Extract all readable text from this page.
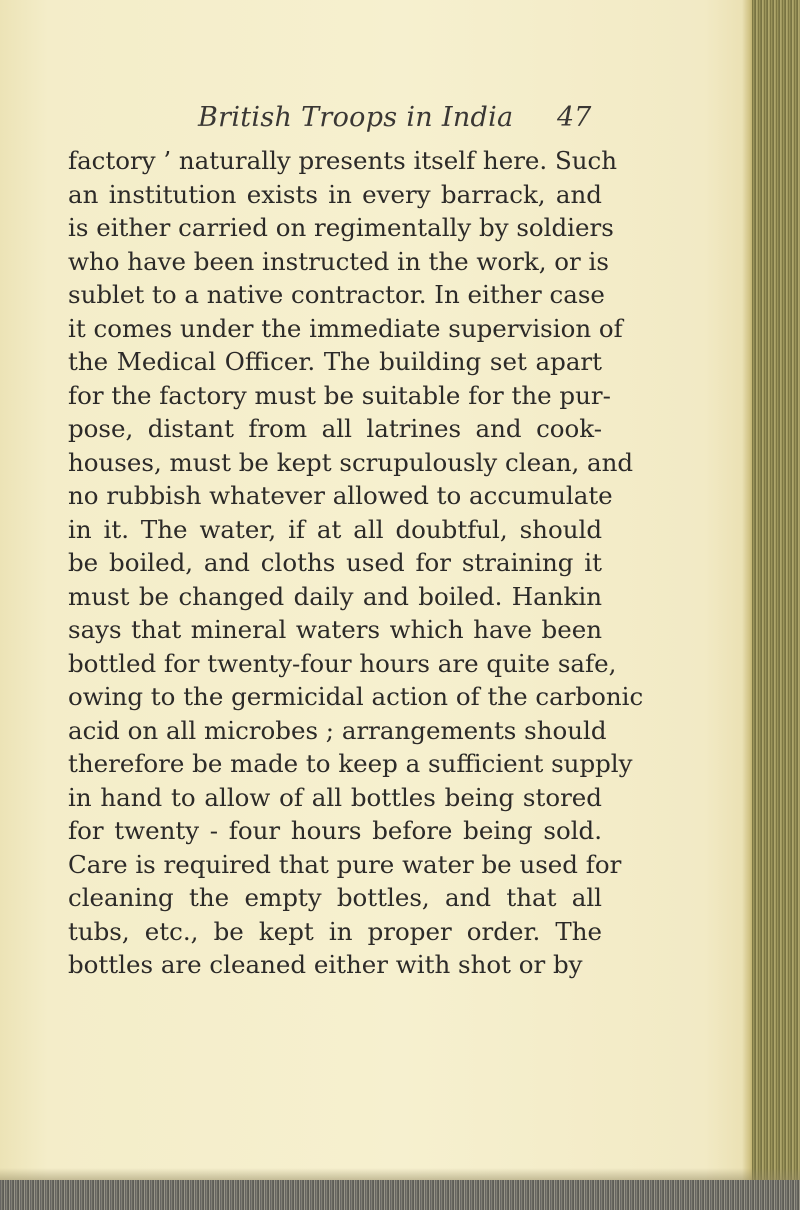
British Troops in India 47
factory ’ naturally presents itself here. Such
an institution exists in every barrack, and
is either carried on regimentally by soldiers
who have been instructed in the work, or is
sublet to a native contractor. In either case
it comes under the immediate supervision of
the Medical Officer. The building set apart
for the factory must be suitable for the pur-
pose, distant from all latrines and cook-
houses, must be kept scrupulously clean, and
no rubbish whatever allowed to accumulate
in it. The water, if at all doubtful, should
be boiled, and cloths used for straining it
must be changed daily and boiled. Hankin
says that mineral waters which have been
bottled for twenty-four hours are quite safe,
owing to the germicidal action of the carbonic
acid on all microbes ; arrangements should
therefore be made to keep a sufficient supply
in hand to allow of all bottles being stored
for twenty - four hours before being sold.
Care is required that pure water be used for
cleaning the empty bottles, and that all
tubs, etc., be kept in proper order. The
bottles are cleaned either with shot or by
